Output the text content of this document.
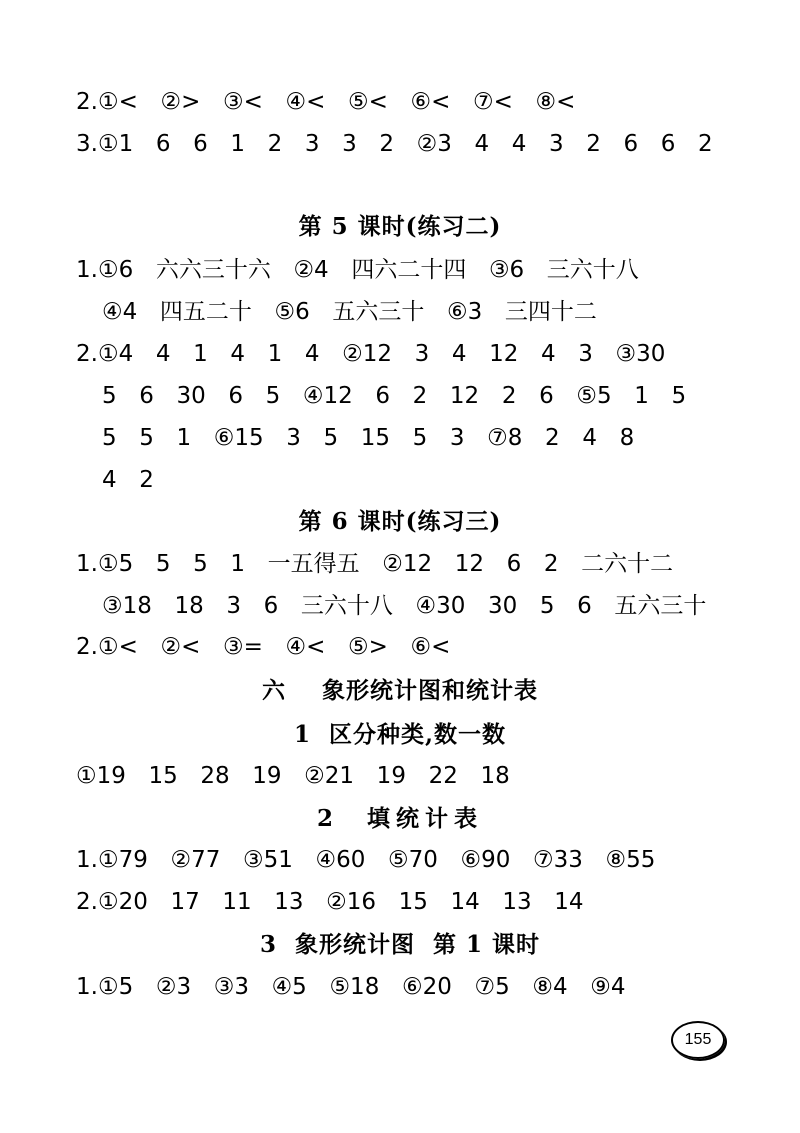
2.①<  ②>  ③<  ④<  ⑤<  ⑥<  ⑦<  ⑧<
3.①1  6  6  1  2  3  3  2  ②3  4  4  3  2  6  6  2
第 5 课时(练习二)
1.①6  六六三十六  ②4  四六二十四  ③6  三六十八
④4  四五二十  ⑤6  五六三十  ⑥3  三四十二
2.①4  4  1  4  1  4  ②12  3  4  12  4  3  ③30
5  6  30  6  5  ④12  6  2  12  2  6  ⑤5  1  5
5  5  1  ⑥15  3  5  15  5  3  ⑦8  2  4  8
4  2
第 6 课时(练习三)
1.①5  5  5  1  一五得五  ②12  12  6  2  二六十二
③18  18  3  6  三六十八  ④30  30  5  6  五六三十
2.①<  ②<  ③=  ④<  ⑤>  ⑥<
六    象形统计图和统计表
1  区分种类,数一数
①19  15  28  19  ②21  19  22  18
2  填统计表
1.①79  ②77  ③51  ④60  ⑤70  ⑥90  ⑦33  ⑧55
2.①20  17  11  13  ②16  15  14  13  14
3  象形统计图  第 1 课时
1.①5  ②3  ③3  ④5  ⑤18  ⑥20  ⑦5  ⑧4  ⑨4
155
